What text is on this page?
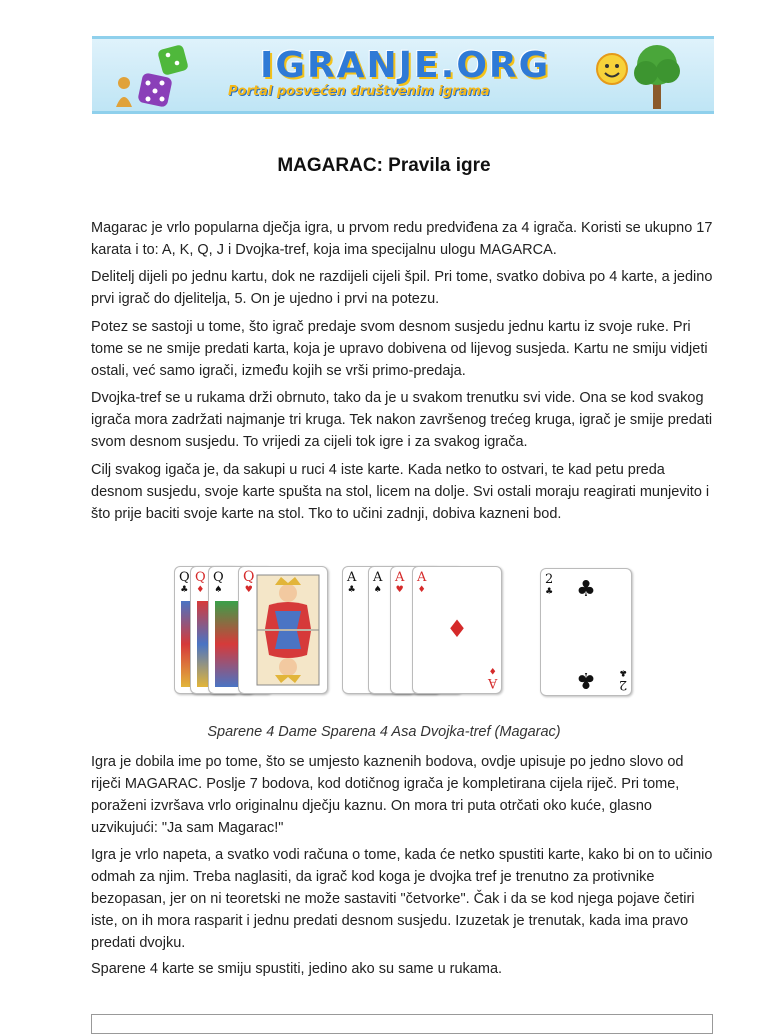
IGRANJE.ORG
Portal posvećen društvenim igrama
MAGARAC: Pravila igre

Magarac je vrlo popularna dječja igra, u prvom redu predviđena za 4 igrača. Koristi se ukupno 17 karata i to: A, K, Q, J i Dvojka-tref, koja ima specijalnu ulogu MAGARCA.

Delitelj dijeli po jednu kartu, dok ne razdijeli cijeli špil. Pri tome, svatko dobiva po 4 karte, a jedino prvi igrač do djelitelja, 5. On je ujedno i prvi na potezu.

Potez se sastoji u tome, što igrač predaje svom desnom susjedu jednu kartu iz svoje ruke. Pri tome se ne smije predati karta, koja je upravo dobivena od lijevog susjeda. Kartu ne smiju vidjeti ostali, već samo igrači, između kojih se vrši primo-predaja.

Dvojka-tref se u rukama drži obrnuto, tako da je u svakom trenutku svi vide. Ona se kod svakog igrača mora zadržati najmanje tri kruga. Tek nakon završenog trećeg kruga, igrač je smije predati svom desnom susjedu. To vrijedi za cijeli tok igre i za svakog igrača.

Cilj svakog igača je, da sakupi u ruci 4 iste karte. Kada netko to ostvari, te kad petu preda desnom susjedu, svoje karte spušta na stol, licem na dolje. Svi ostali moraju reagirati munjevito i što prije baciti svoje karte na stol. Tko to učini zadnji, dobiva kazneni bod.

Q
♣
Q
♦
Q
♠
Q
♥
A
♣
A
♠
A
♥
A
♦
♦
A
♦
2
♣	♣
♣	2
♣
Sparene 4 Dame Sparena 4 Asa Dvojka-tref (Magarac)

Igra je dobila ime po tome, što se umjesto kaznenih bodova, ovdje upisuje po jedno slovo od riječi MAGARAC. Poslje 7 bodova, kod dotičnog igrača je kompletirana cijela riječ. Pri tome, poraženi izvršava vrlo originalnu dječju kaznu. On mora tri puta otrčati oko kuće, glasno uzvikujući: "Ja sam Magarac!"

Igra je vrlo napeta, a svatko vodi računa o tome, kada će netko spustiti karte, kako bi on to učinio odmah za njim. Treba naglasiti, da igrač kod koga je dvojka tref je trenutno za protivnike bezopasan, jer on ni teoretski ne može sastaviti "četvorke". Čak i da se kod njega pojave četiri iste, on ih mora rasparit i jednu predati desnom susjedu. Izuzetak je trenutak, kada ima pravo predati dvojku.

Sparene 4 karte se smiju spustiti, jedino ako su same u rukama.
